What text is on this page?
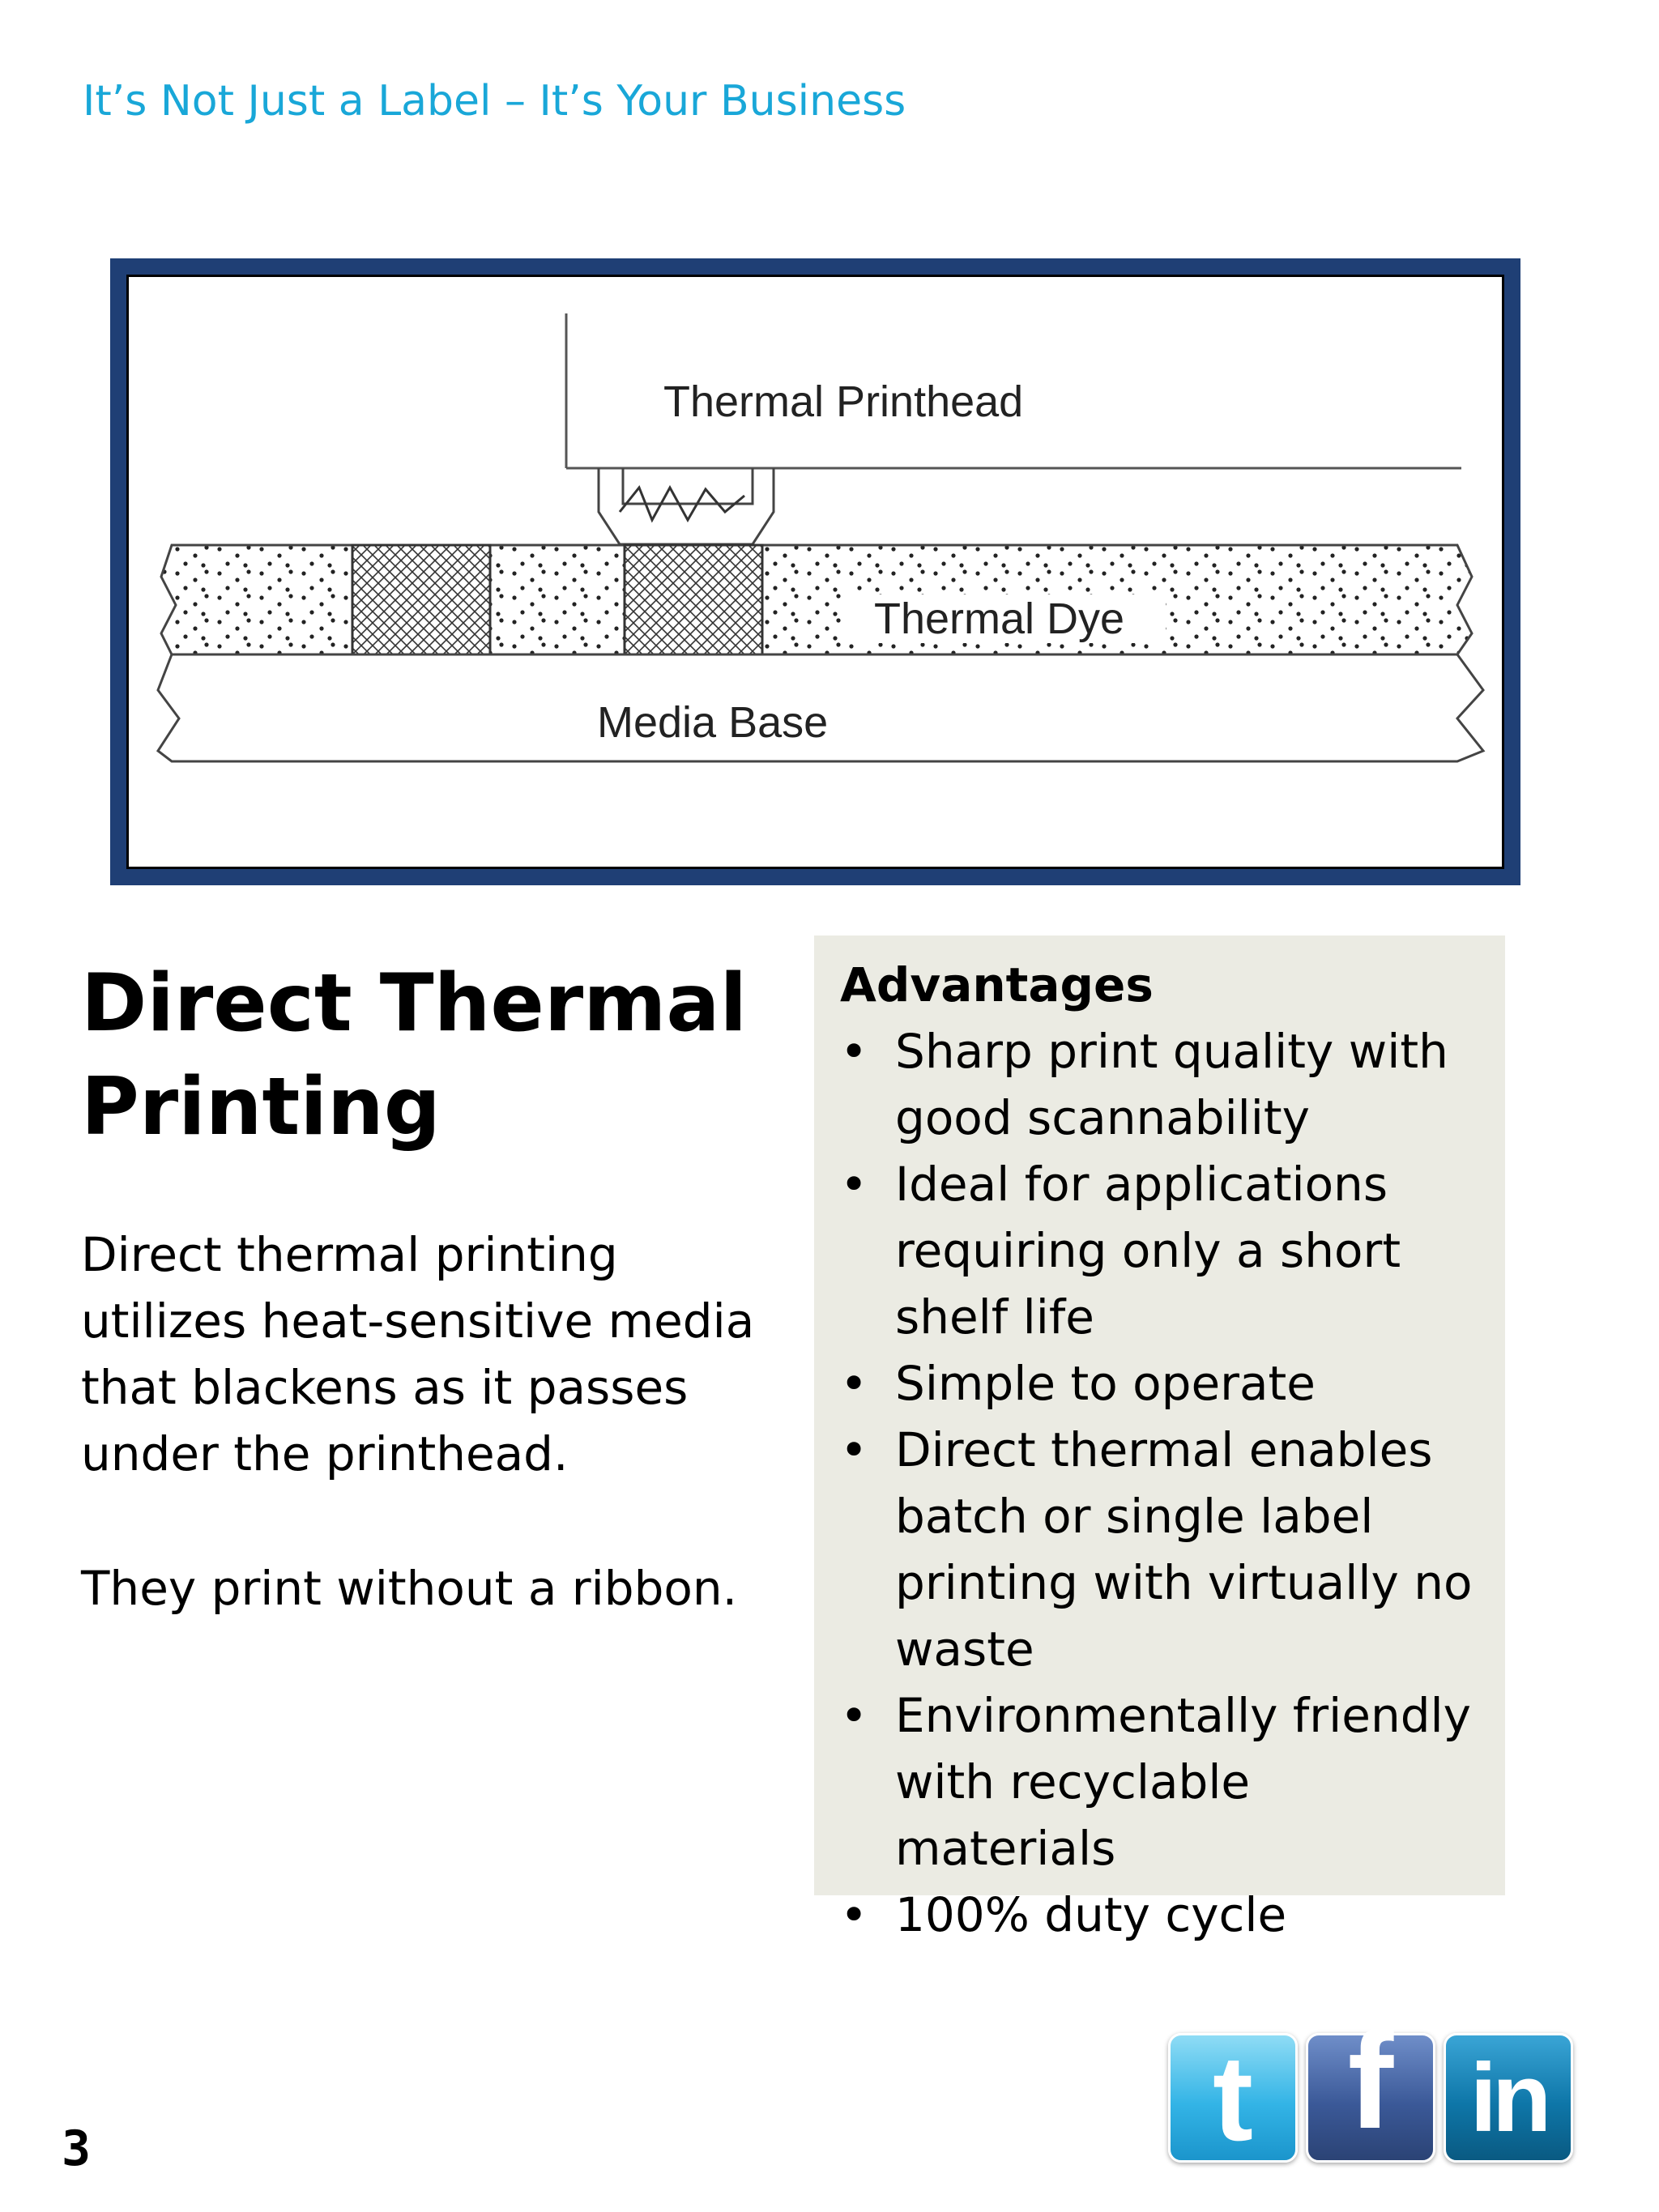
It’s Not Just a Label – It’s Your Business
Thermal Printhead
Thermal Dye
Media Base
Direct Thermal
Printing

Direct thermal printing utilizes heat-sensitive media that blackens as it passes under the printhead.

They print without a ribbon.

Advantages
• Sharp print quality with good scannability
• Ideal for applications requiring only a short shelf life
• Simple to operate
• Direct thermal enables batch or single label printing with virtually no waste
• Environmentally friendly with recyclable materials
• 100% duty cycle
3	t f in
